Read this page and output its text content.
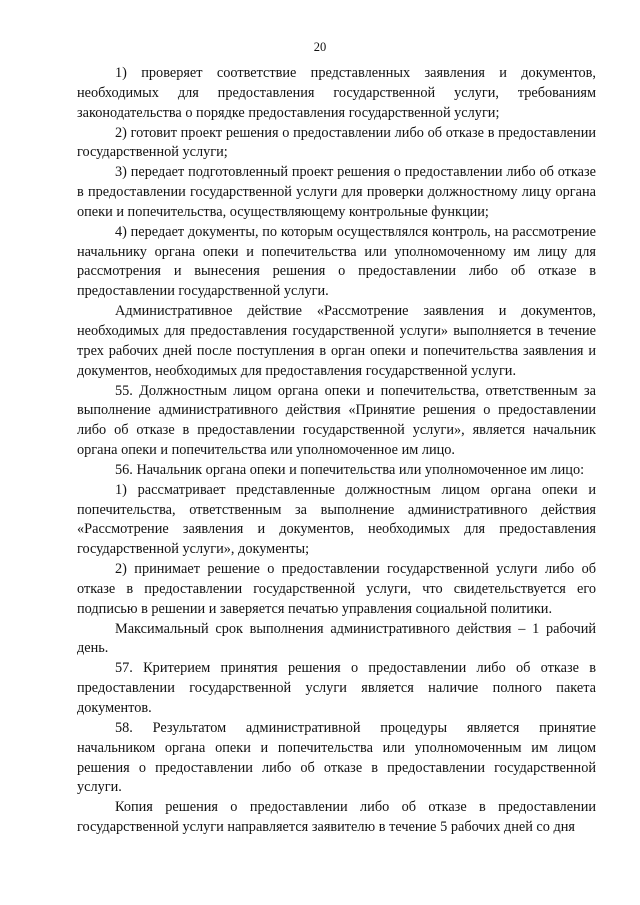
20

1) проверяет соответствие представленных заявления и документов, необходимых для предоставления государственной услуги, требованиям законодательства о порядке предоставления государственной услуги;

2) готовит проект решения о предоставлении либо об отказе в предоставлении государственной услуги;

3) передает подготовленный проект решения о предоставлении либо об отказе в предоставлении государственной услуги для проверки должностному лицу органа опеки и попечительства, осуществляющему контрольные функции;

4) передает документы, по которым осуществлялся контроль, на рассмотрение начальнику органа опеки и попечительства или уполномоченному им лицу для рассмотрения и вынесения решения о предоставлении либо об отказе в предоставлении государственной услуги.

Административное действие «Рассмотрение заявления и документов, необходимых для предоставления государственной услуги» выполняется в течение трех рабочих дней после поступления в орган опеки и попечительства заявления и документов, необходимых для предоставления государственной услуги.

55. Должностным лицом органа опеки и попечительства, ответственным за выполнение административного действия «Принятие решения о предоставлении либо об отказе в предоставлении государственной услуги», является начальник органа опеки и попечительства или уполномоченное им лицо.

56. Начальник органа опеки и попечительства или уполномоченное им лицо:

1) рассматривает представленные должностным лицом органа опеки и попечительства, ответственным за выполнение административного действия «Рассмотрение заявления и документов, необходимых для предоставления государственной услуги», документы;

2) принимает решение о предоставлении государственной услуги либо об отказе в предоставлении государственной услуги, что свидетельствуется его подписью в решении и заверяется печатью управления социальной политики.

Максимальный срок выполнения административного действия – 1 рабочий день.

57. Критерием принятия решения о предоставлении либо об отказе в предоставлении государственной услуги является наличие полного пакета документов.

58. Результатом административной процедуры является принятие начальником органа опеки и попечительства или уполномоченным им лицом решения о предоставлении либо об отказе в предоставлении государственной услуги.

Копия решения о предоставлении либо об отказе в предоставлении государственной услуги направляется заявителю в течение 5 рабочих дней со дня
